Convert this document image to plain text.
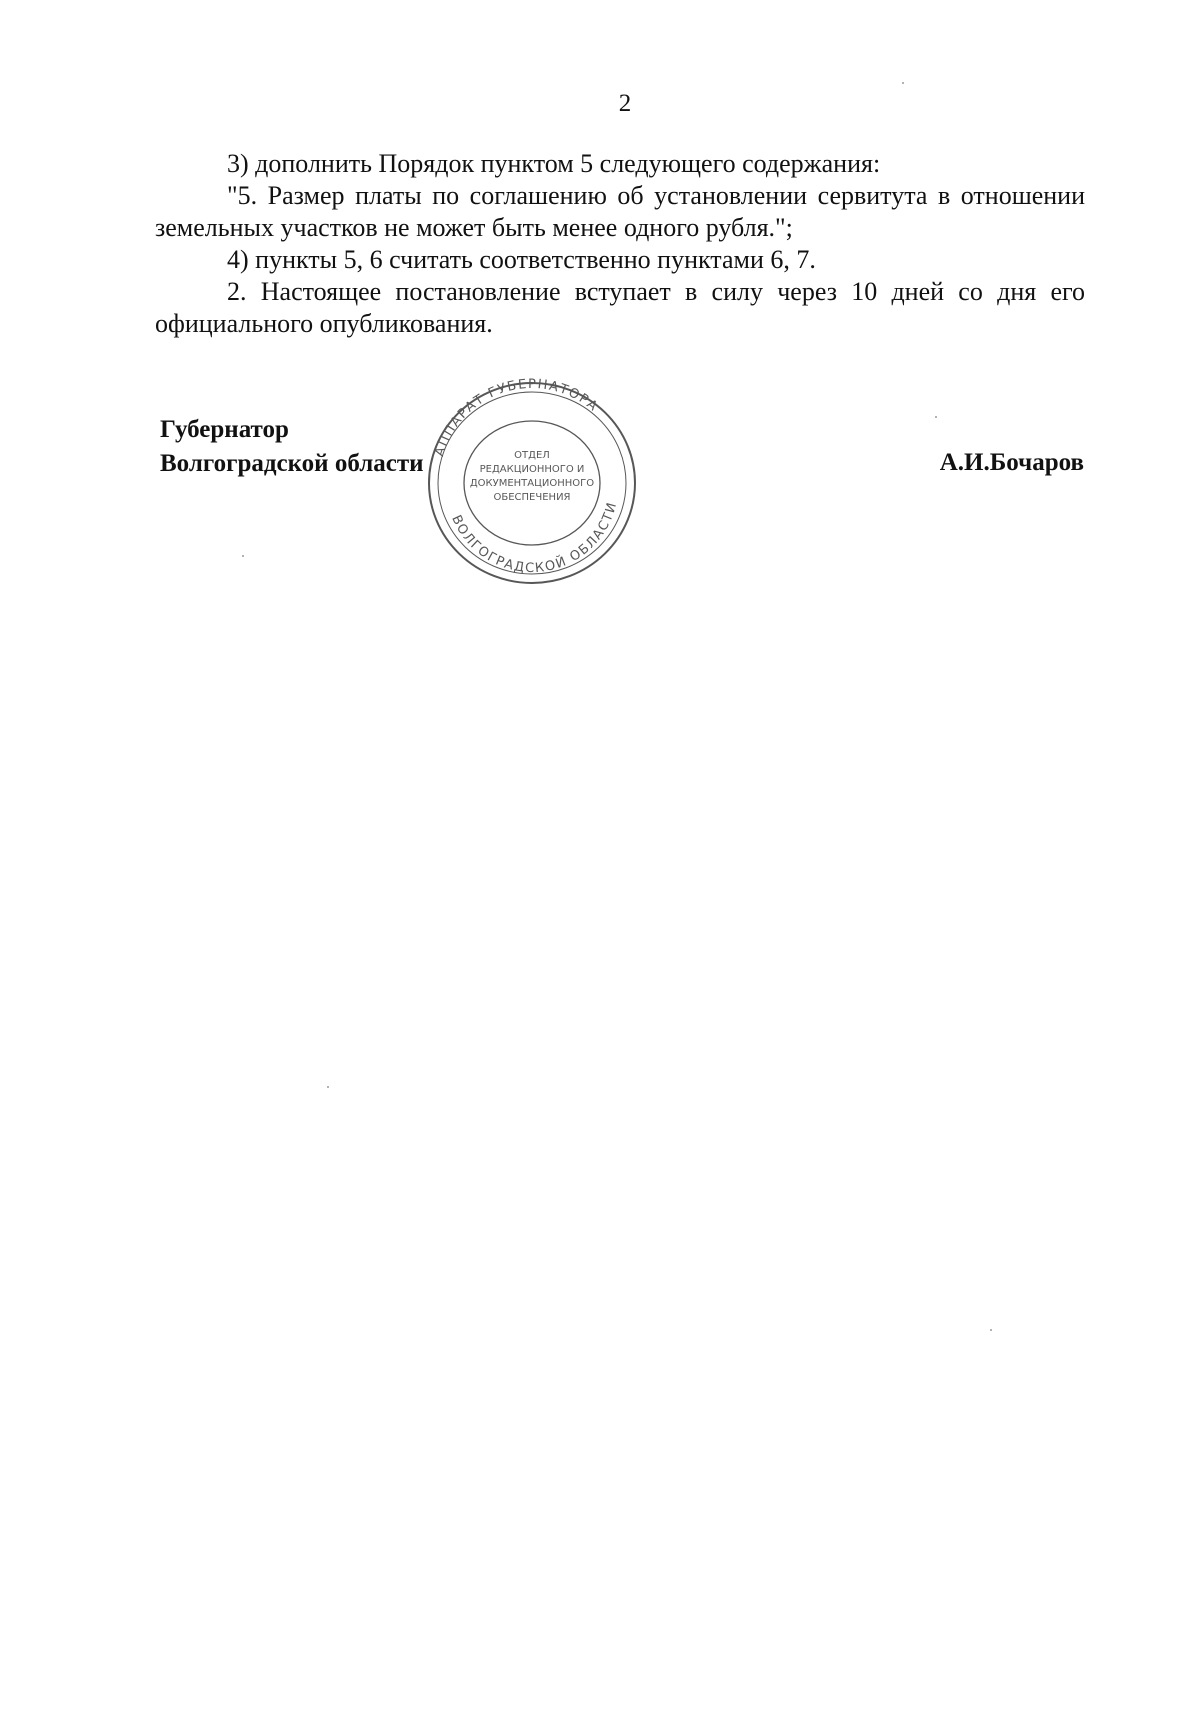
2

3) дополнить Порядок пунктом 5 следующего содержания:

"5. Размер платы по соглашению об установлении сервитута в отношении земельных участков не может быть менее одного рубля.";

4) пункты 5, 6 считать соответственно пунктами 6, 7.

2. Настоящее постановление вступает в силу через 10 дней со дня его официального опубликования.

АППАРАТ ГУБЕРНАТОРА
ВОЛГОГРАДСКОЙ ОБЛАСТИ
ОТДЕЛ
РЕДАКЦИОННОГО И
ДОКУМЕНТАЦИОННОГО
ОБЕСПЕЧЕНИЯ
Губернатор
Волгоградской области	А.И.Бочаров
